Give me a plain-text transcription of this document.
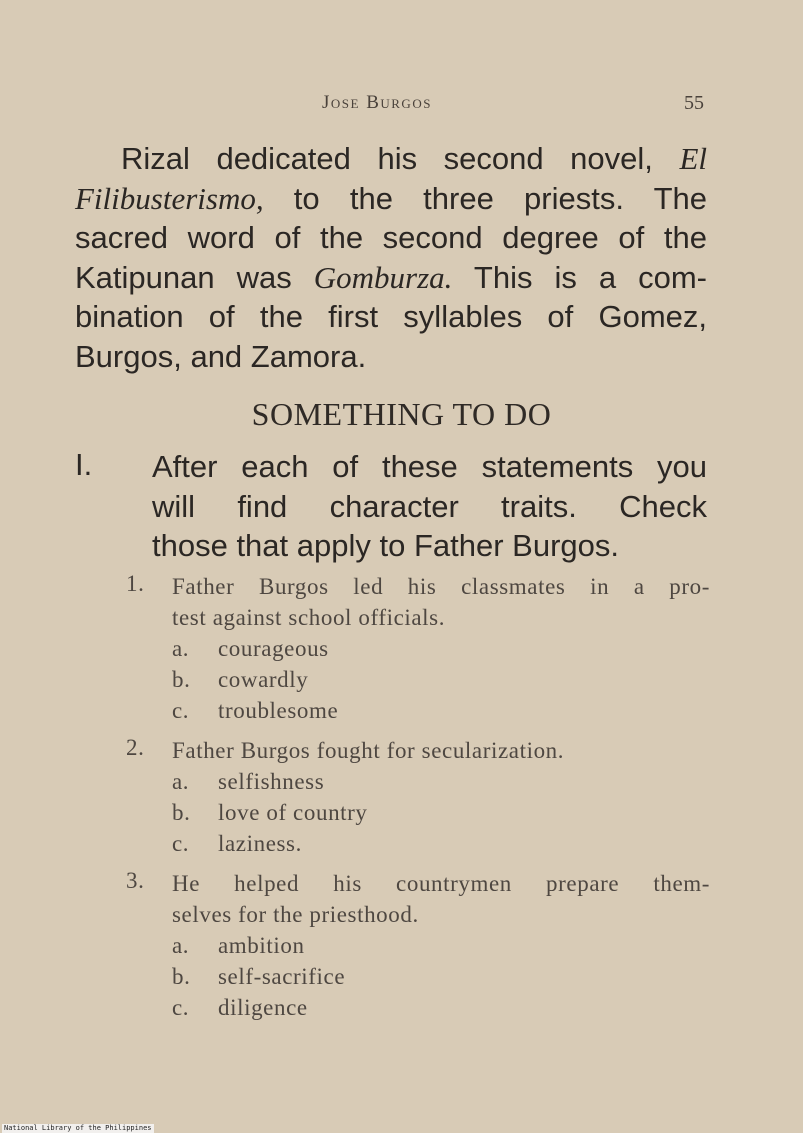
Jose Burgos	55
Rizal dedicated his second novel, El
Filibusterismo, to the three priests. The
sacred word of the second degree of the
Katipunan was Gomburza. This is a com-
bination of the first syllables of Gomez,
Burgos, and Zamora.
SOMETHING TO DO
I. After each of these statements you
will find character traits. Check
those that apply to Father Burgos.
1.	Father Burgos led his classmates in a pro-
test against school officials.
a. courageous
b. cowardly
c. troublesome
2.	Father Burgos fought for secularization.
a. selfishness
b. love of country
c. laziness.
3.	He helped his countrymen prepare them-
selves for the priesthood.
a. ambition
b. self-sacrifice
c. diligence
National Library of the Philippines
